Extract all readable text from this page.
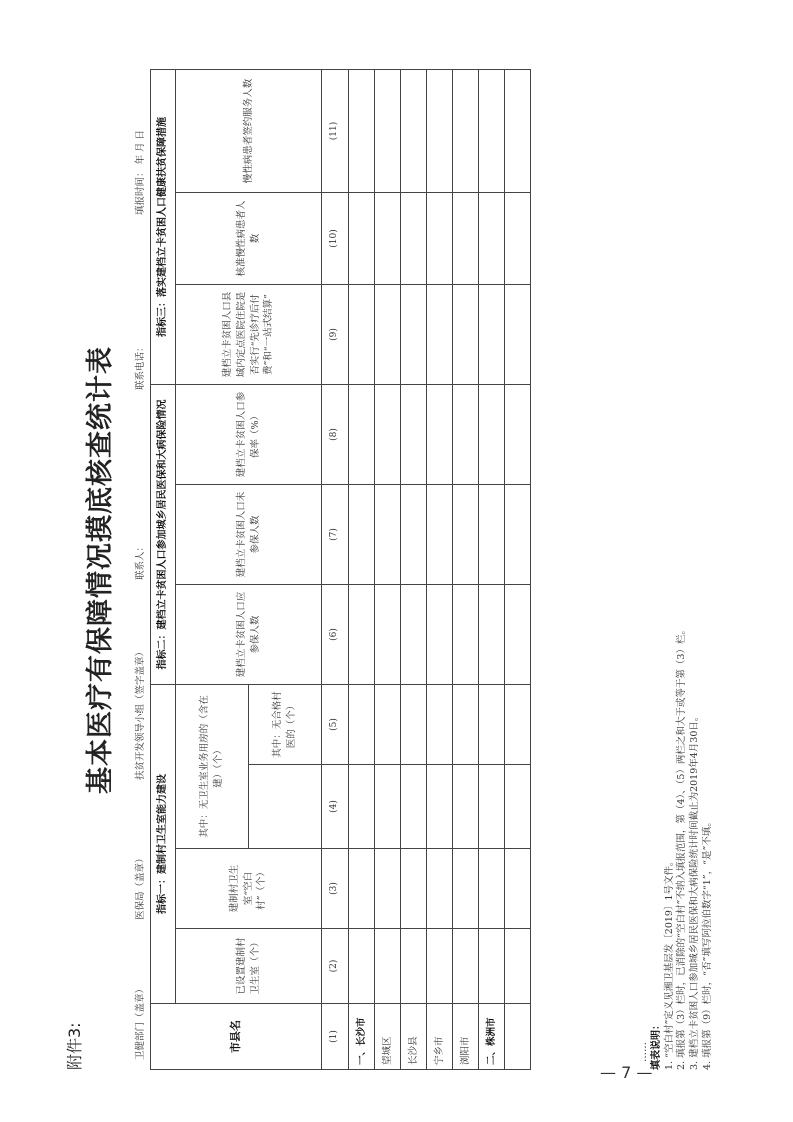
附件3:
基本医疗有保障情况摸底核查统计表
卫健部门（盖章）
医保局（盖章）
扶贫开发领导小组（签字盖章）
联系人：
联系电话：
填报时间： 年 月 日
市县名	指标一：建制村卫生室能力建设				指标二：建档立卡贫困人口参加城乡居民医保和大病保险情况			指标三：落实建档立卡贫困人口健康扶贫保障措施		
	已设置建制村卫生室（个）	建制村卫生室“空白村”（个）	其中：无卫生室业务用房的（含在建）（个）		建档立卡贫困人口应参保人数	建档立卡贫困人口未参保人数	建档立卡贫困人口参保率（%）	建档立卡贫困人口县域内定点医院住院是否实行“先诊疗后付费”和“一站式结算”	核准慢性病患者人数	慢性病患者签约服务人数
				其中：无合格村医的（个）						
(1)	(2)	(3)	(4)	(5)	(6)	(7)	(8)	(9)	(10)	(11)
一、长沙市										
望城区										
长沙县										
宁乡市										
浏阳市										
二、株洲市										
											填表说明： 1. “空白村”定义见湘卫基层发〔2019〕1号文件。 2. 填报第（3）栏时，已消除的“空白村”不纳入填报范围，第（4）、（5）两栏之和大于或等于第（3）栏。 3. 建档立卡贫困人口参加城乡居民医保和大病保险统计时间截止为2019年4月30日。 4. 填报第（9）栏时，“否”填写阿拉伯数字“1”，“是”不填。
……
— 7 —
